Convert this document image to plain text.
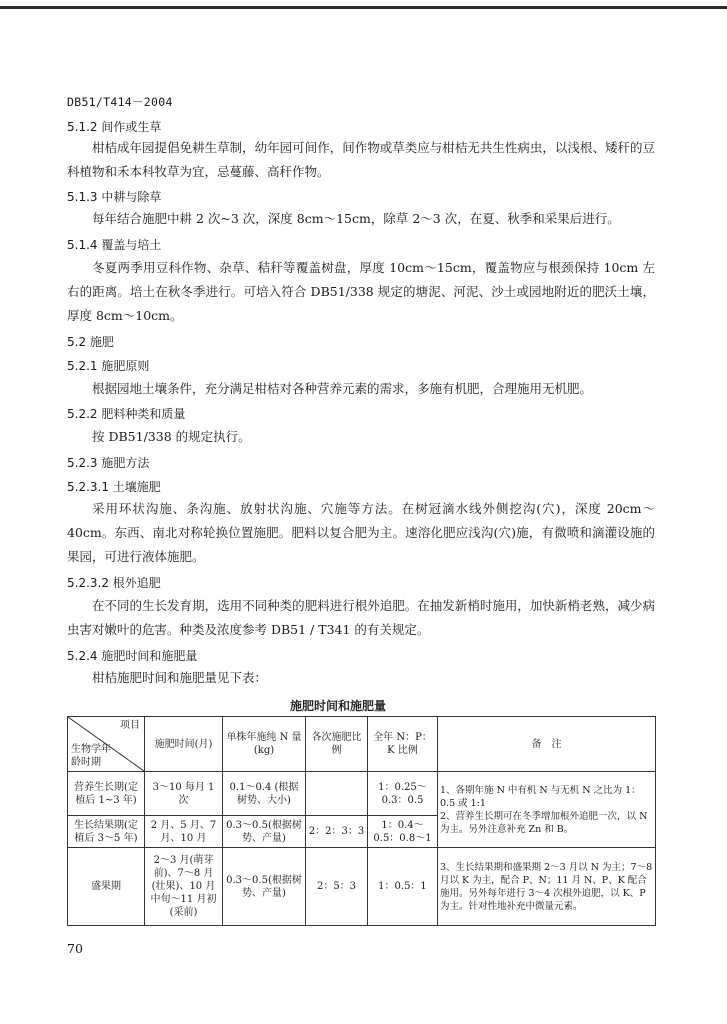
DB51/T414－2004
5.1.2 间作或生草
柑桔成年园提倡免耕生草制，幼年园可间作，间作物或草类应与柑桔无共生性病虫，以浅根、矮秆的豆科植物和禾本科牧草为宜，忌蔓藤、高秆作物。
5.1.3 中耕与除草
每年结合施肥中耕 2 次~3 次，深度 8cm～15cm，除草 2～3 次，在夏、秋季和采果后进行。
5.1.4 覆盖与培土
冬夏两季用豆科作物、杂草、秸秆等覆盖树盘，厚度 10cm～15cm，覆盖物应与根颈保持 10cm 左右的距离。培土在秋冬季进行。可培入符合 DB51/338 规定的塘泥、河泥、沙土或园地附近的肥沃土壤，厚度 8cm～10cm。
5.2 施肥
5.2.1 施肥原则
根据园地土壤条件，充分满足柑桔对各种营养元素的需求，多施有机肥，合理施用无机肥。
5.2.2 肥料种类和质量
按 DB51/338 的规定执行。
5.2.3 施肥方法
5.2.3.1 土壤施肥
采用环状沟施、条沟施、放射状沟施、穴施等方法。在树冠滴水线外侧挖沟(穴)，深度 20cm～40cm。东西、南北对称轮换位置施肥。肥料以复合肥为主。速溶化肥应浅沟(穴)施，有微喷和滴灌设施的果园，可进行液体施肥。
5.2.3.2 根外追肥
在不同的生长发育期，选用不同种类的肥料进行根外追肥。在抽发新梢时施用，加快新梢老熟，减少病虫害对嫩叶的危害。种类及浓度参考 DB51 / T341 的有关规定。
5.2.4 施肥时间和施肥量
柑桔施肥时间和施肥量见下表：
施肥时间和施肥量
项目
生物学年龄时期	施肥时间(月)	单株年施纯 N 量(kg)	各次施肥比例	全年 N：P：K 比例	备　注
营养生长期(定植后 1~3 年)	3～10 每月 1 次	0.1～0.4 (根据树势、大小)		1：0.25～0.3：0.5	1、各期年施 N 中有机 N 与无机 N 之比为 1：0.5 或 1:1
2、营养生长期可在冬季增加根外追肥一次，以 N 为主。另外注意补充 Zn 和 B。

生长结果期(定植后 3～5 年)	2 月、5 月、7 月、10 月	0.3～0.5(根据树势、产量)	2：2：3：3	1：0.4～0.5：0.8～1	
盛果期	2～3 月(萌芽前)、7～8 月(壮果)、10 月中旬～11 月初(采前)	0.3～0.5(根据树势、产量)	2：5：3	1：0.5：1	3、生长结果期和盛果期 2～3 月以 N 为主；7～8 月以 K 为主，配合 P、N；11 月 N、P、K 配合施用。另外每年进行 3～4 次根外追肥，以 K、P 为主。针对性地补充中微量元素。
70
